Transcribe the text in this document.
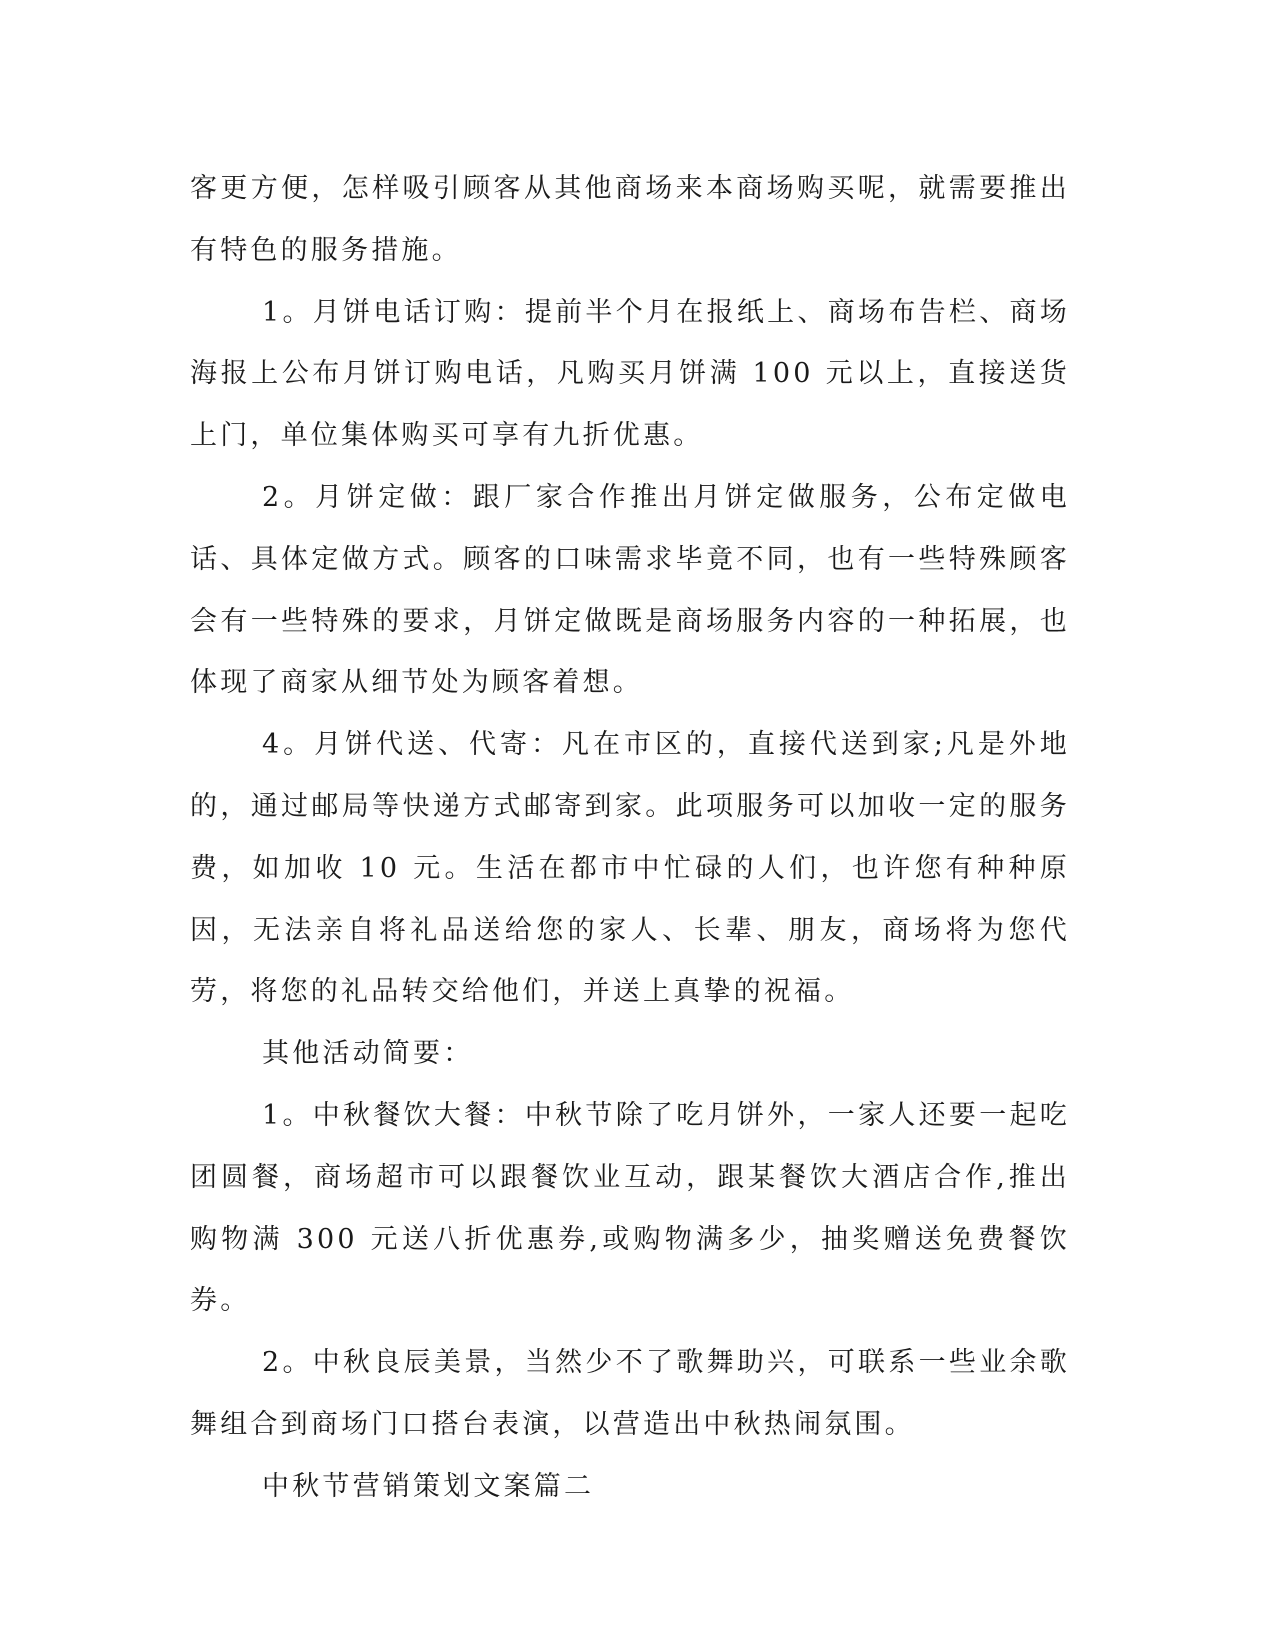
客更方便，怎样吸引顾客从其他商场来本商场购买呢，就需要推出有特色的服务措施。

1。月饼电话订购：提前半个月在报纸上、商场布告栏、商场海报上公布月饼订购电话，凡购买月饼满 100 元以上，直接送货上门，单位集体购买可享有九折优惠。

2。月饼定做：跟厂家合作推出月饼定做服务，公布定做电话、具体定做方式。顾客的口味需求毕竟不同，也有一些特殊顾客会有一些特殊的要求，月饼定做既是商场服务内容的一种拓展，也体现了商家从细节处为顾客着想。

4。月饼代送、代寄：凡在市区的，直接代送到家;凡是外地的，通过邮局等快递方式邮寄到家。此项服务可以加收一定的服务费，如加收 10 元。生活在都市中忙碌的人们，也许您有种种原因，无法亲自将礼品送给您的家人、长辈、朋友，商场将为您代劳，将您的礼品转交给他们，并送上真挚的祝福。

其他活动简要：

1。中秋餐饮大餐：中秋节除了吃月饼外，一家人还要一起吃团圆餐，商场超市可以跟餐饮业互动，跟某餐饮大酒店合作,推出购物满 300 元送八折优惠券,或购物满多少，抽奖赠送免费餐饮券。

2。中秋良辰美景，当然少不了歌舞助兴，可联系一些业余歌舞组合到商场门口搭台表演，以营造出中秋热闹氛围。

中秋节营销策划文案篇二
